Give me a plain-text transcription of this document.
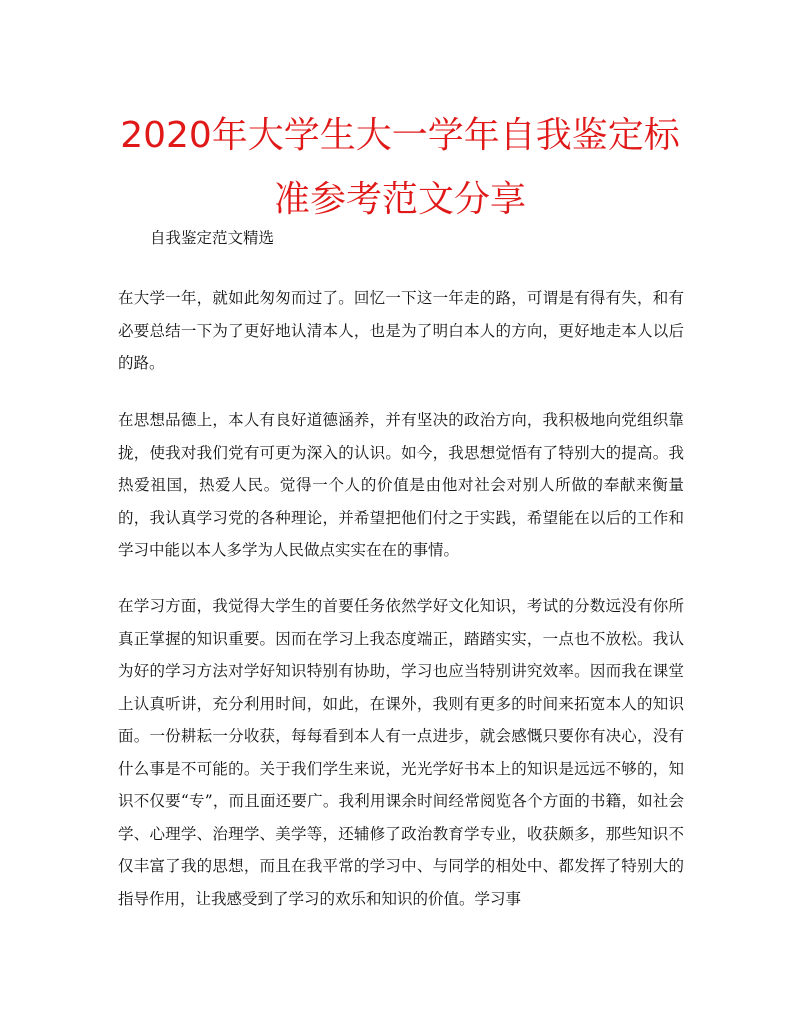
2020年大学生大一学年自我鉴定标准参考范文分享

自我鉴定范文精选

在大学一年，就如此匆匆而过了。回忆一下这一年走的路，可谓是有得有失，和有必要总结一下为了更好地认清本人，也是为了明白本人的方向，更好地走本人以后的路。

在思想品德上，本人有良好道德涵养，并有坚决的政治方向，我积极地向党组织靠拢，使我对我们党有可更为深入的认识。如今，我思想觉悟有了特别大的提高。我热爱祖国，热爱人民。觉得一个人的价值是由他对社会对别人所做的奉献来衡量的，我认真学习党的各种理论，并希望把他们付之于实践，希望能在以后的工作和学习中能以本人多学为人民做点实实在在的事情。

在学习方面，我觉得大学生的首要任务依然学好文化知识，考试的分数远没有你所真正掌握的知识重要。因而在学习上我态度端正，踏踏实实，一点也不放松。我认为好的学习方法对学好知识特别有协助，学习也应当特别讲究效率。因而我在课堂上认真听讲，充分利用时间，如此，在课外，我则有更多的时间来拓宽本人的知识面。一份耕耘一分收获，每每看到本人有一点进步，就会感慨只要你有决心，没有什么事是不可能的。关于我们学生来说，光光学好书本上的知识是远远不够的，知识不仅要“专”，而且面还要广。我利用课余时间经常阅览各个方面的书籍，如社会学、心理学、治理学、美学等，还辅修了政治教育学专业，收获颇多，那些知识不仅丰富了我的思想，而且在我平常的学习中、与同学的相处中、都发挥了特别大的指导作用，让我感受到了学习的欢乐和知识的价值。学习事
